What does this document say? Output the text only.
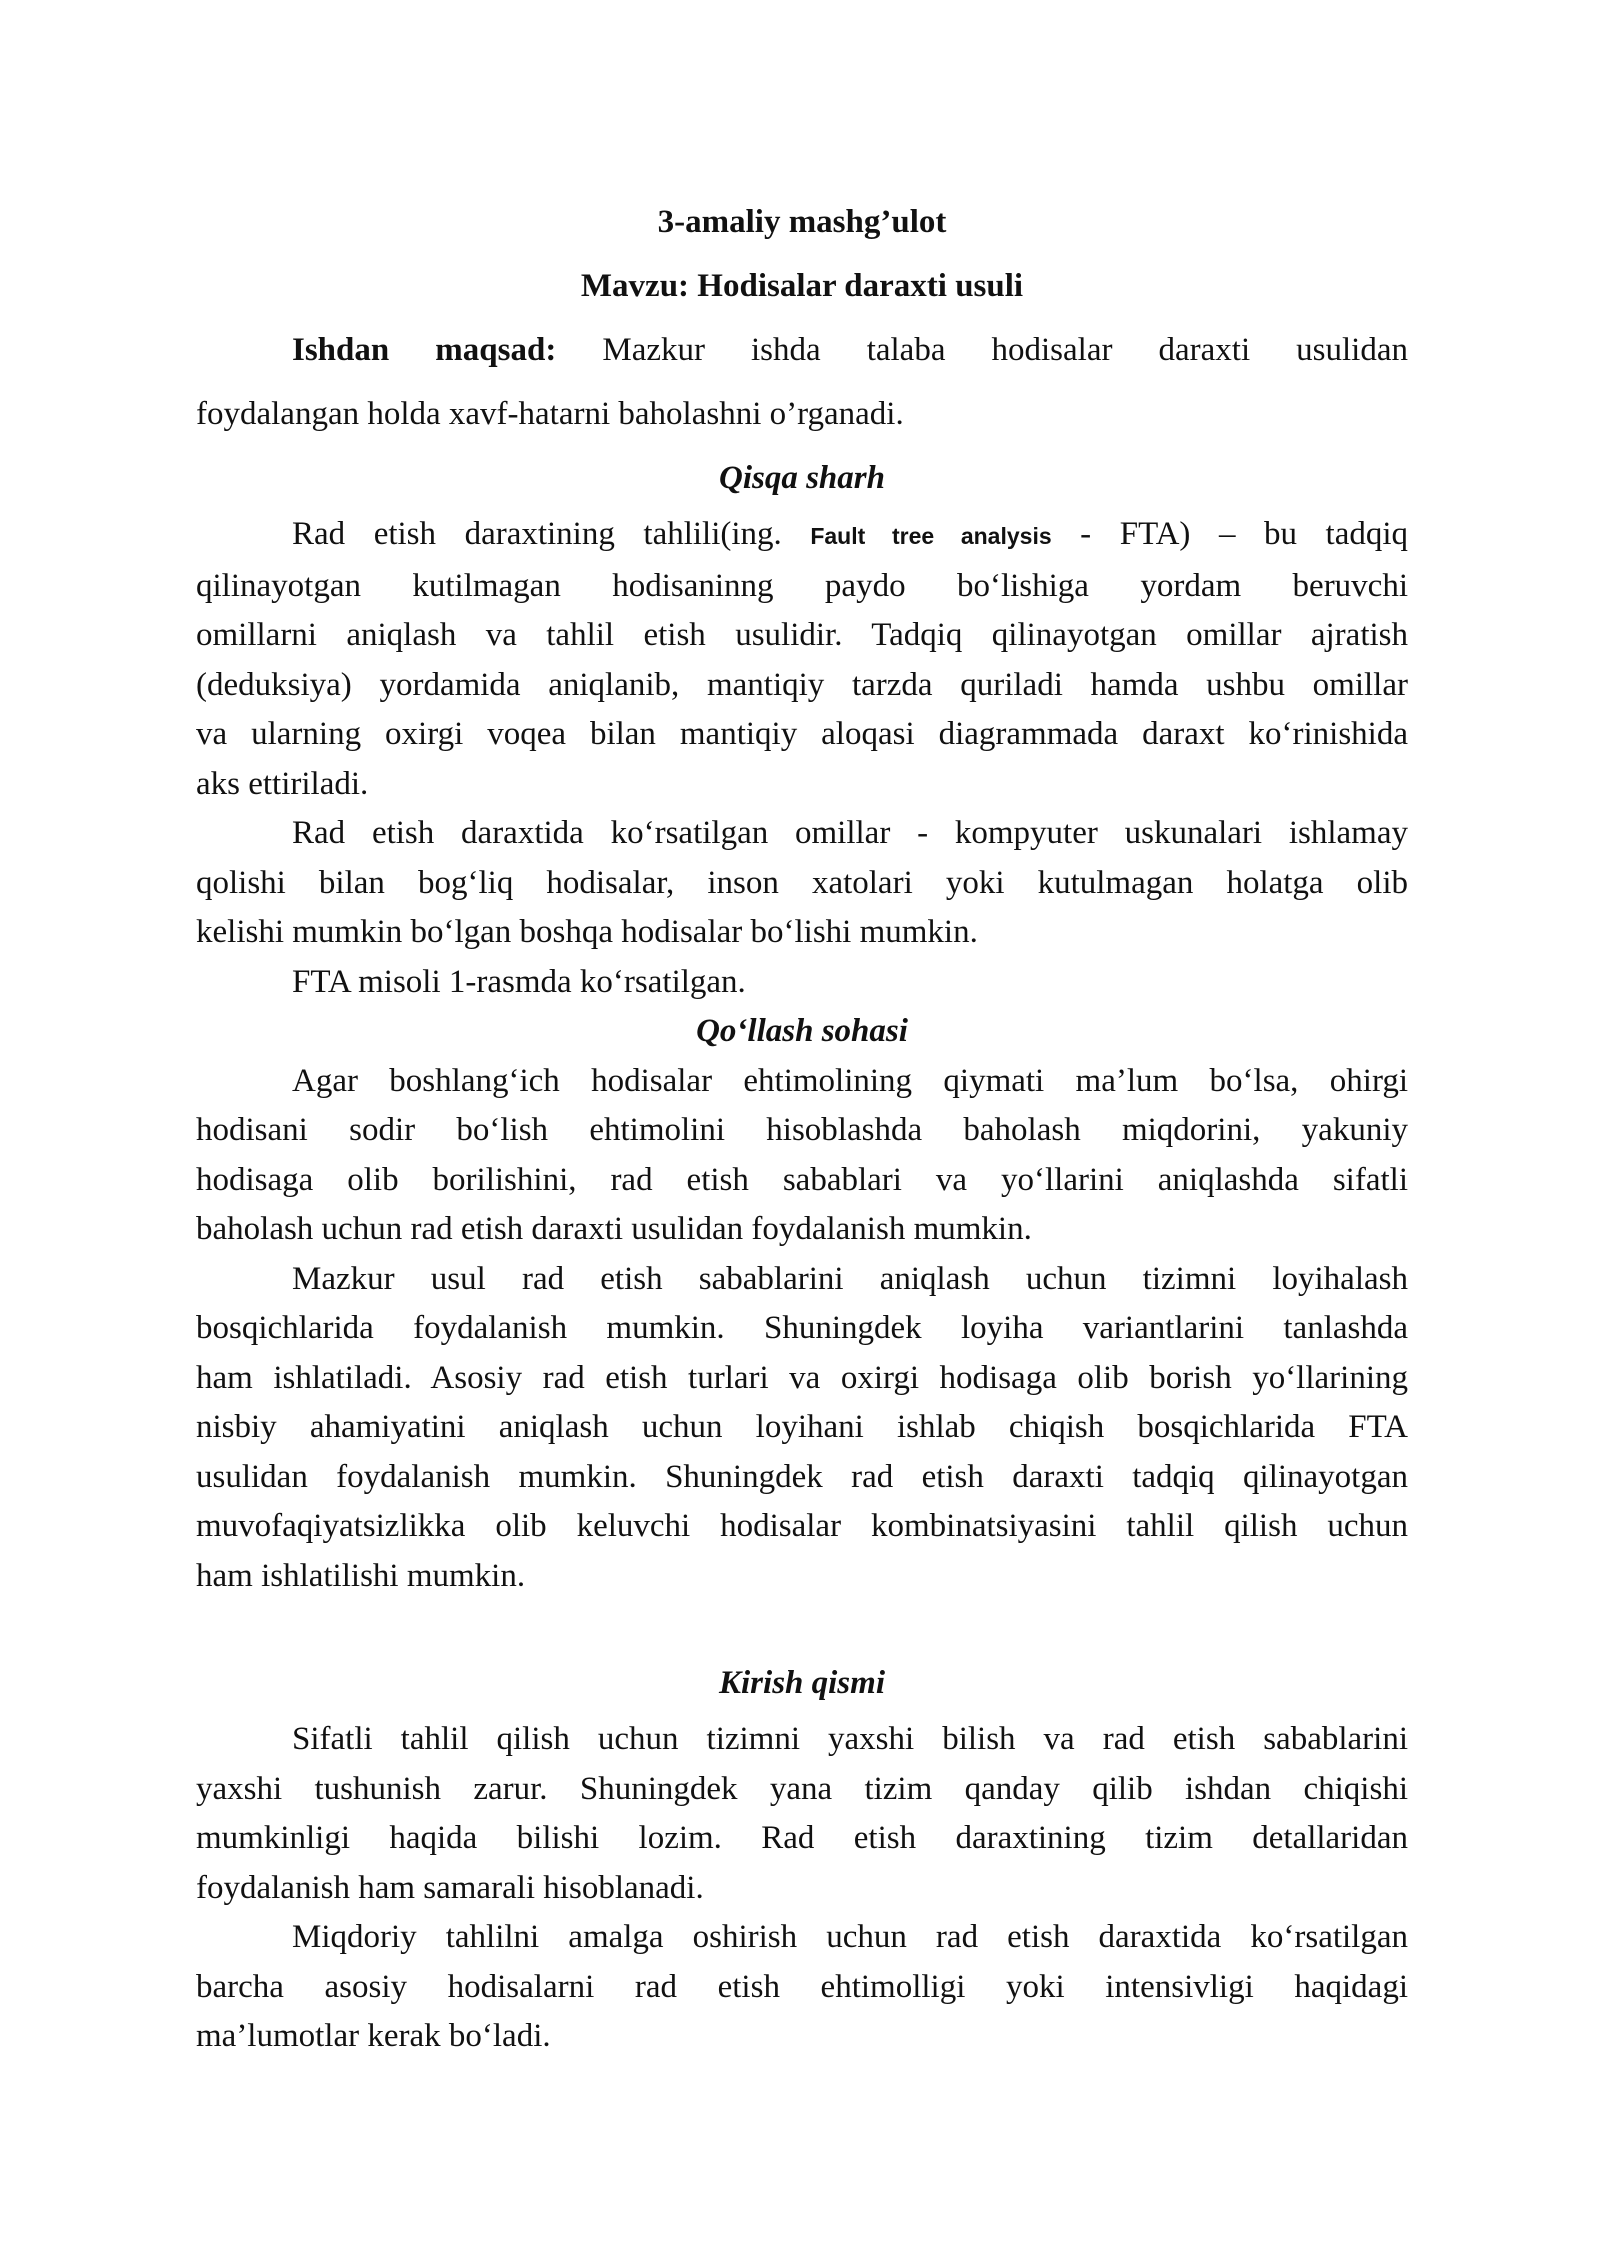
3-amaliy mashg’ulot
Mavzu: Hodisalar daraxti usuli
Ishdan maqsad: Mazkur ishda talaba hodisalar daraxti usulidan
foydalangan holda xavf-hatarni baholashni o’rganadi.
Qisqa sharh
Rad etish daraxtining tahlili(ing. Fault tree analysis - FTA) – bu tadqiq
qilinayotgan kutilmagan hodisaninng paydo bo‘lishiga yordam beruvchi
omillarni aniqlash va tahlil etish usulidir. Tadqiq qilinayotgan omillar ajratish
(deduksiya) yordamida aniqlanib, mantiqiy tarzda quriladi hamda ushbu omillar
va ularning oxirgi voqea bilan mantiqiy aloqasi diagrammada daraxt ko‘rinishida
aks ettiriladi.
Rad etish daraxtida ko‘rsatilgan omillar - kompyuter uskunalari ishlamay
qolishi bilan bog‘liq hodisalar, inson xatolari yoki kutulmagan holatga olib
kelishi mumkin bo‘lgan boshqa hodisalar bo‘lishi mumkin.
FTA misoli 1-rasmda ko‘rsatilgan.
Qo‘llash sohasi
Agar boshlang‘ich hodisalar ehtimolining qiymati ma’lum bo‘lsa, ohirgi
hodisani sodir bo‘lish ehtimolini hisoblashda baholash miqdorini, yakuniy
hodisaga olib borilishini, rad etish sabablari va yo‘llarini aniqlashda sifatli
baholash uchun rad etish daraxti usulidan foydalanish mumkin.
Mazkur usul rad etish sabablarini aniqlash uchun tizimni loyihalash
bosqichlarida foydalanish mumkin. Shuningdek loyiha variantlarini tanlashda
ham ishlatiladi. Asosiy rad etish turlari va oxirgi hodisaga olib borish yo‘llarining
nisbiy ahamiyatini aniqlash uchun loyihani ishlab chiqish bosqichlarida FTA
usulidan foydalanish mumkin. Shuningdek rad etish daraxti tadqiq qilinayotgan
muvofaqiyatsizlikka olib keluvchi hodisalar kombinatsiyasini tahlil qilish uchun
ham ishlatilishi mumkin.
Kirish qismi
Sifatli tahlil qilish uchun tizimni yaxshi bilish va rad etish sabablarini
yaxshi tushunish zarur. Shuningdek yana tizim qanday qilib ishdan chiqishi
mumkinligi haqida bilishi lozim. Rad etish daraxtining tizim detallaridan
foydalanish ham samarali hisoblanadi.
Miqdoriy tahlilni amalga oshirish uchun rad etish daraxtida ko‘rsatilgan
barcha asosiy hodisalarni rad etish ehtimolligi yoki intensivligi haqidagi
ma’lumotlar kerak bo‘ladi.
